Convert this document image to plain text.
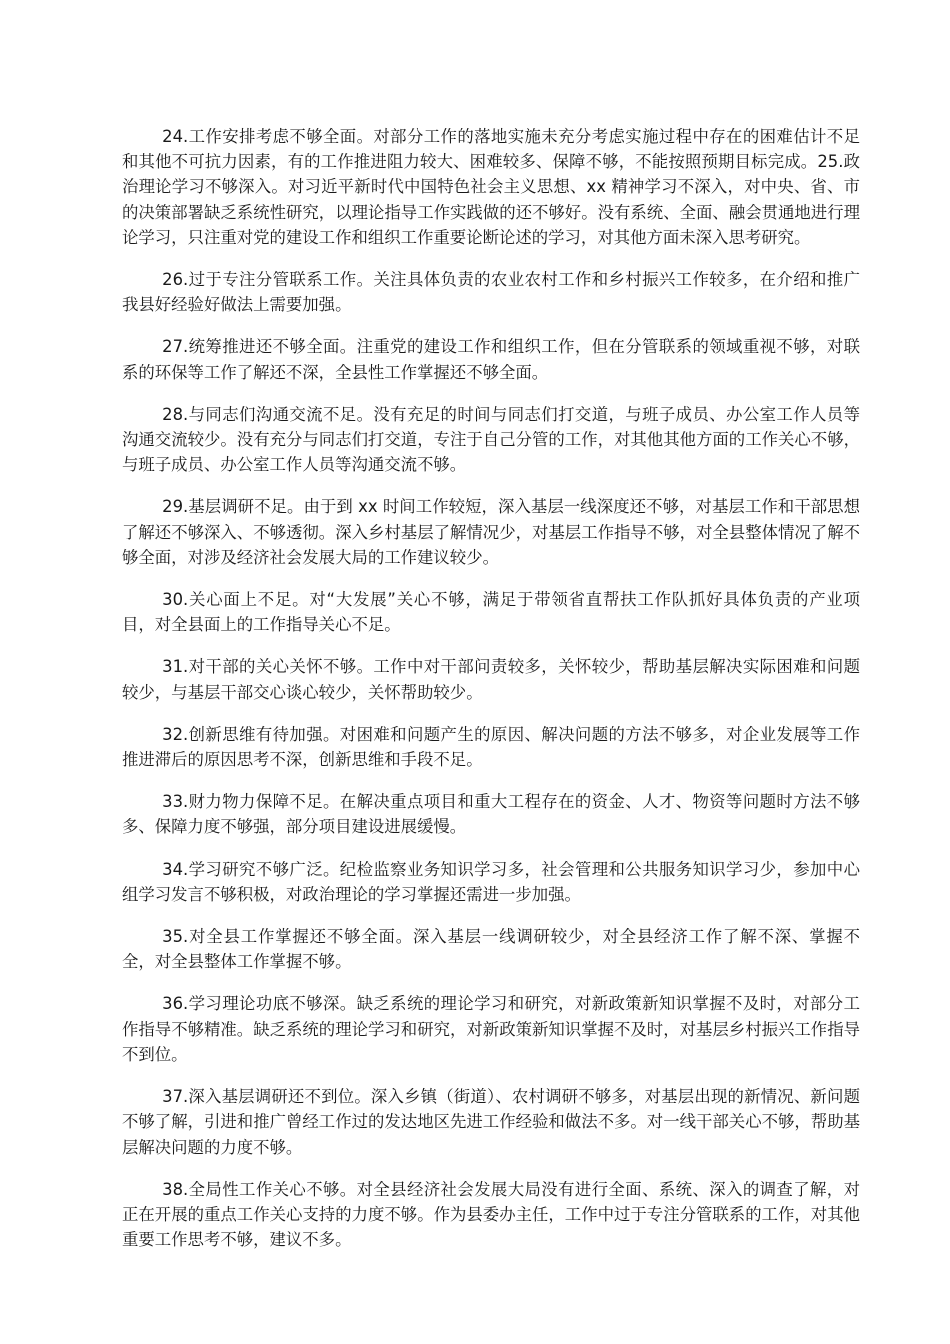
24.工作安排考虑不够全面。对部分工作的落地实施未充分考虑实施过程中存在的困难估计不足和其他不可抗力因素，有的工作推进阻力较大、困难较多、保障不够，不能按照预期目标完成。25.政治理论学习不够深入。对习近平新时代中国特色社会主义思想、xx 精神学习不深入，对中央、省、市的决策部署缺乏系统性研究，以理论指导工作实践做的还不够好。没有系统、全面、融会贯通地进行理论学习，只注重对党的建设工作和组织工作重要论断论述的学习，对其他方面未深入思考研究。

26.过于专注分管联系工作。关注具体负责的农业农村工作和乡村振兴工作较多，在介绍和推广我县好经验好做法上需要加强。

27.统筹推进还不够全面。注重党的建设工作和组织工作，但在分管联系的领域重视不够，对联系的环保等工作了解还不深，全县性工作掌握还不够全面。

28.与同志们沟通交流不足。没有充足的时间与同志们打交道，与班子成员、办公室工作人员等沟通交流较少。没有充分与同志们打交道，专注于自己分管的工作，对其他其他方面的工作关心不够，与班子成员、办公室工作人员等沟通交流不够。

29.基层调研不足。由于到 xx 时间工作较短，深入基层一线深度还不够，对基层工作和干部思想了解还不够深入、不够透彻。深入乡村基层了解情况少，对基层工作指导不够，对全县整体情况了解不够全面，对涉及经济社会发展大局的工作建议较少。

30.关心面上不足。对“大发展”关心不够，满足于带领省直帮扶工作队抓好具体负责的产业项目，对全县面上的工作指导关心不足。

31.对干部的关心关怀不够。工作中对干部问责较多，关怀较少，帮助基层解决实际困难和问题较少，与基层干部交心谈心较少，关怀帮助较少。

32.创新思维有待加强。对困难和问题产生的原因、解决问题的方法不够多，对企业发展等工作推进滞后的原因思考不深，创新思维和手段不足。

33.财力物力保障不足。在解决重点项目和重大工程存在的资金、人才、物资等问题时方法不够多、保障力度不够强，部分项目建设进展缓慢。

34.学习研究不够广泛。纪检监察业务知识学习多，社会管理和公共服务知识学习少，参加中心组学习发言不够积极，对政治理论的学习掌握还需进一步加强。

35.对全县工作掌握还不够全面。深入基层一线调研较少，对全县经济工作了解不深、掌握不全，对全县整体工作掌握不够。

36.学习理论功底不够深。缺乏系统的理论学习和研究，对新政策新知识掌握不及时，对部分工作指导不够精准。缺乏系统的理论学习和研究，对新政策新知识掌握不及时，对基层乡村振兴工作指导不到位。

37.深入基层调研还不到位。深入乡镇（街道）、农村调研不够多，对基层出现的新情况、新问题不够了解，引进和推广曾经工作过的发达地区先进工作经验和做法不多。对一线干部关心不够，帮助基层解决问题的力度不够。

38.全局性工作关心不够。对全县经济社会发展大局没有进行全面、系统、深入的调查了解，对正在开展的重点工作关心支持的力度不够。作为县委办主任，工作中过于专注分管联系的工作，对其他重要工作思考不够，建议不多。
